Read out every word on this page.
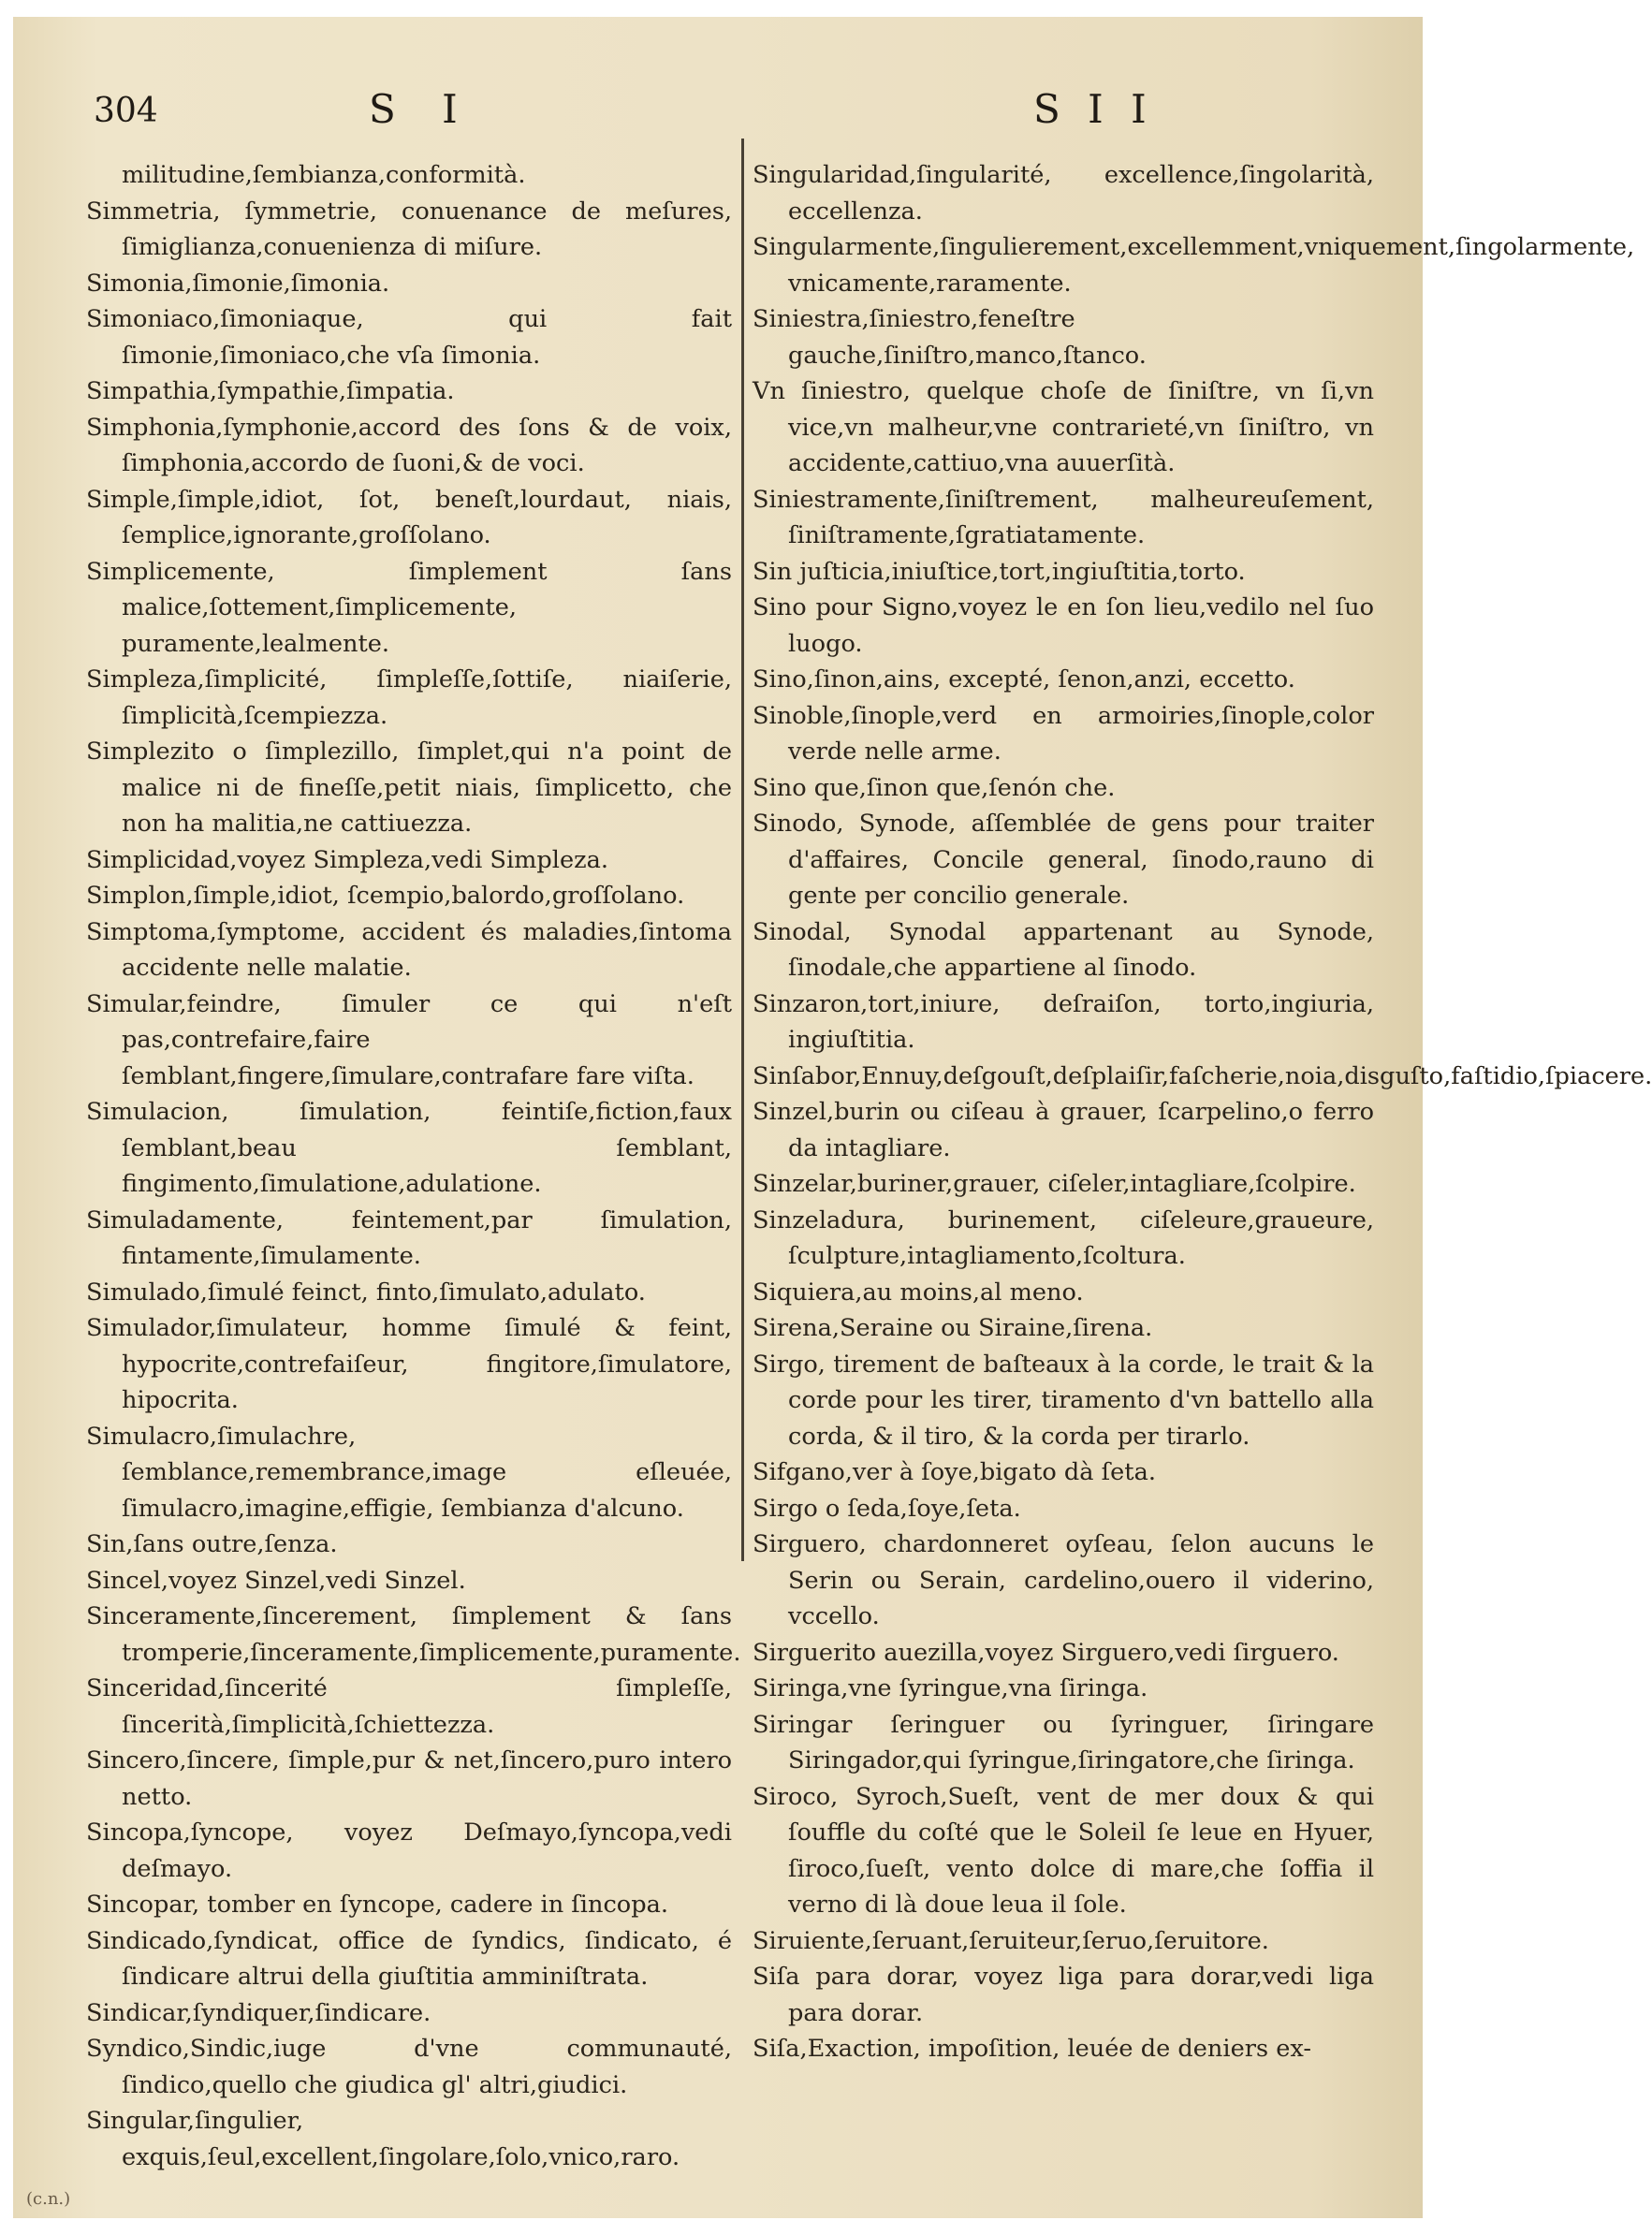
304	S I	S I I
militudine,ſembianza,conformità.
Simmetria, ſymmetrie, conuenance de meſures, ſimiglianza,conuenienza di miſure.
Simonia,ſimonie,ſimonia.
Simoniaco,ſimoniaque, qui fait ſimonie,ſimoniaco,che vſa ſimonia.
Simpathia,ſympathie,ſimpatia.
Simphonia,ſymphonie,accord des ſons & de voix, ſimphonia,accordo de ſuoni,& de voci.
Simple,ſimple,idiot, ſot, beneſt,lourdaut, niais, ſemplice,ignorante,groſſolano.
Simplicemente, ſimplement ſans malice,ſottement,ſimplicemente, puramente,lealmente.
Simpleza,ſimplicité, ſimpleſſe,ſottiſe, niaiſerie, ſimplicità,ſcempiezza.
Simplezito o ſimplezillo, ſimplet,qui n'a point de malice ni de fineſſe,petit niais, ſimplicetto, che non ha malitia,ne cattiuezza.
Simplicidad,voyez Simpleza,vedi Simpleza.
Simplon,ſimple,idiot, ſcempio,balordo,groſſolano.
Simptoma,ſymptome, accident és maladies,ſintoma accidente nelle malatie.
Simular,feindre, ſimuler ce qui n'eſt pas,contrefaire,faire ſemblant,fingere,ſimulare,contrafare fare viſta.
Simulacion, ſimulation, feintiſe,fiction,faux ſemblant,beau ſemblant, fingimento,ſimulatione,adulatione.
Simuladamente, feintement,par ſimulation, fintamente,ſimulamente.
Simulado,ſimulé feinct, finto,ſimulato,adulato.
Simulador,ſimulateur, homme ſimulé & feint, hypocrite,contrefaiſeur, fingitore,ſimulatore, hipocrita.
Simulacro,ſimulachre, ſemblance,remembrance,image eſleuée, ſimulacro,imagine,effigie, ſembianza d'alcuno.
Sin,ſans outre,ſenza.
Sincel,voyez Sinzel,vedi Sinzel.
Sinceramente,ſincerement, ſimplement & ſans tromperie,ſinceramente,ſimplicemente,puramente.
Sinceridad,ſincerité ſimpleſſe, ſincerità,ſimplicità,ſchiettezza.
Sincero,ſincere, ſimple,pur & net,ſincero,puro intero netto.
Sincopa,ſyncope, voyez Deſmayo,ſyncopa,vedi deſmayo.
Sincopar, tomber en ſyncope, cadere in ſincopa.
Sindicado,ſyndicat, office de ſyndics, ſindicato, é ſindicare altrui della giuſtitia amminiſtrata.
Sindicar,ſyndiquer,ſindicare.
Syndico,Sindic,iuge d'vne communauté, ſindico,quello che giudica gl' altri,giudici.
Singular,ſingulier, exquis,ſeul,excellent,ſingolare,ſolo,vnico,raro.
Singularidad,ſingularité, excellence,ſingolarità, eccellenza.
Singularmente,ſingulierement,excellemment,vniquement,ſingolarmente, vnicamente,raramente.
Siniestra,ſiniestro,feneſtre gauche,ſiniſtro,manco,ſtanco.
Vn ſiniestro, quelque choſe de ſiniſtre, vn ſi,vn vice,vn malheur,vne contrarieté,vn ſiniſtro, vn accidente,cattiuo,vna auuerſità.
Siniestramente,ſiniſtrement, malheureuſement, ſiniſtramente,ſgratiatamente.
Sin juſticia,iniuſtice,tort,ingiuſtitia,torto.
Sino pour Signo,voyez le en ſon lieu,vedilo nel ſuo luogo.
Sino,ſinon,ains, excepté, ſenon,anzi, eccetto.
Sinoble,ſinople,verd en armoiries,ſinople,color verde nelle arme.
Sino que,ſinon que,ſenón che.
Sinodo, Synode, aſſemblée de gens pour traiter d'affaires, Concile general, ſinodo,rauno di gente per concilio generale.
Sinodal, Synodal appartenant au Synode, ſinodale,che appartiene al ſinodo.
Sinzaron,tort,iniure, deſraiſon, torto,ingiuria, ingiuſtitia.
Sinſabor,Ennuy,deſgouſt,deſplaiſir,faſcherie,noia,disguſto,faſtidio,ſpiacere.
Sinzel,burin ou ciſeau à grauer, ſcarpelino,o ferro da intagliare.
Sinzelar,buriner,grauer, ciſeler,intagliare,ſcolpire.
Sinzeladura, burinement, ciſeleure,graueure, ſculpture,intagliamento,ſcoltura.
Siquiera,au moins,al meno.
Sirena,Seraine ou Siraine,ſirena.
Sirgo, tirement de baſteaux à la corde, le trait & la corde pour les tirer, tiramento d'vn battello alla corda, & il tiro, & la corda per tirarlo.
Sifgano,ver à ſoye,bigato dà ſeta.
Sirgo o ſeda,ſoye,ſeta.
Sirguero, chardonneret oyſeau, ſelon aucuns le Serin ou Serain, cardelino,ouero il viderino, vccello.
Sirguerito auezilla,voyez Sirguero,vedi ſirguero.
Siringa,vne ſyringue,vna ſiringa.
Siringar ſeringuer ou ſyringuer, ſiringare Siringador,qui ſyringue,ſiringatore,che ſiringa.
Siroco, Syroch,Sueſt, vent de mer doux & qui ſouffle du coſté que le Soleil ſe leue en Hyuer, ſiroco,ſueſt, vento dolce di mare,che ſoffia il verno di là doue leua il ſole.
Siruiente,ſeruant,ſeruiteur,ſeruo,ſeruitore.
Siſa para dorar, voyez liga para dorar,vedi liga para dorar.
Siſa,Exaction, impoſition, leuée de deniers ex-
(c.n.)
